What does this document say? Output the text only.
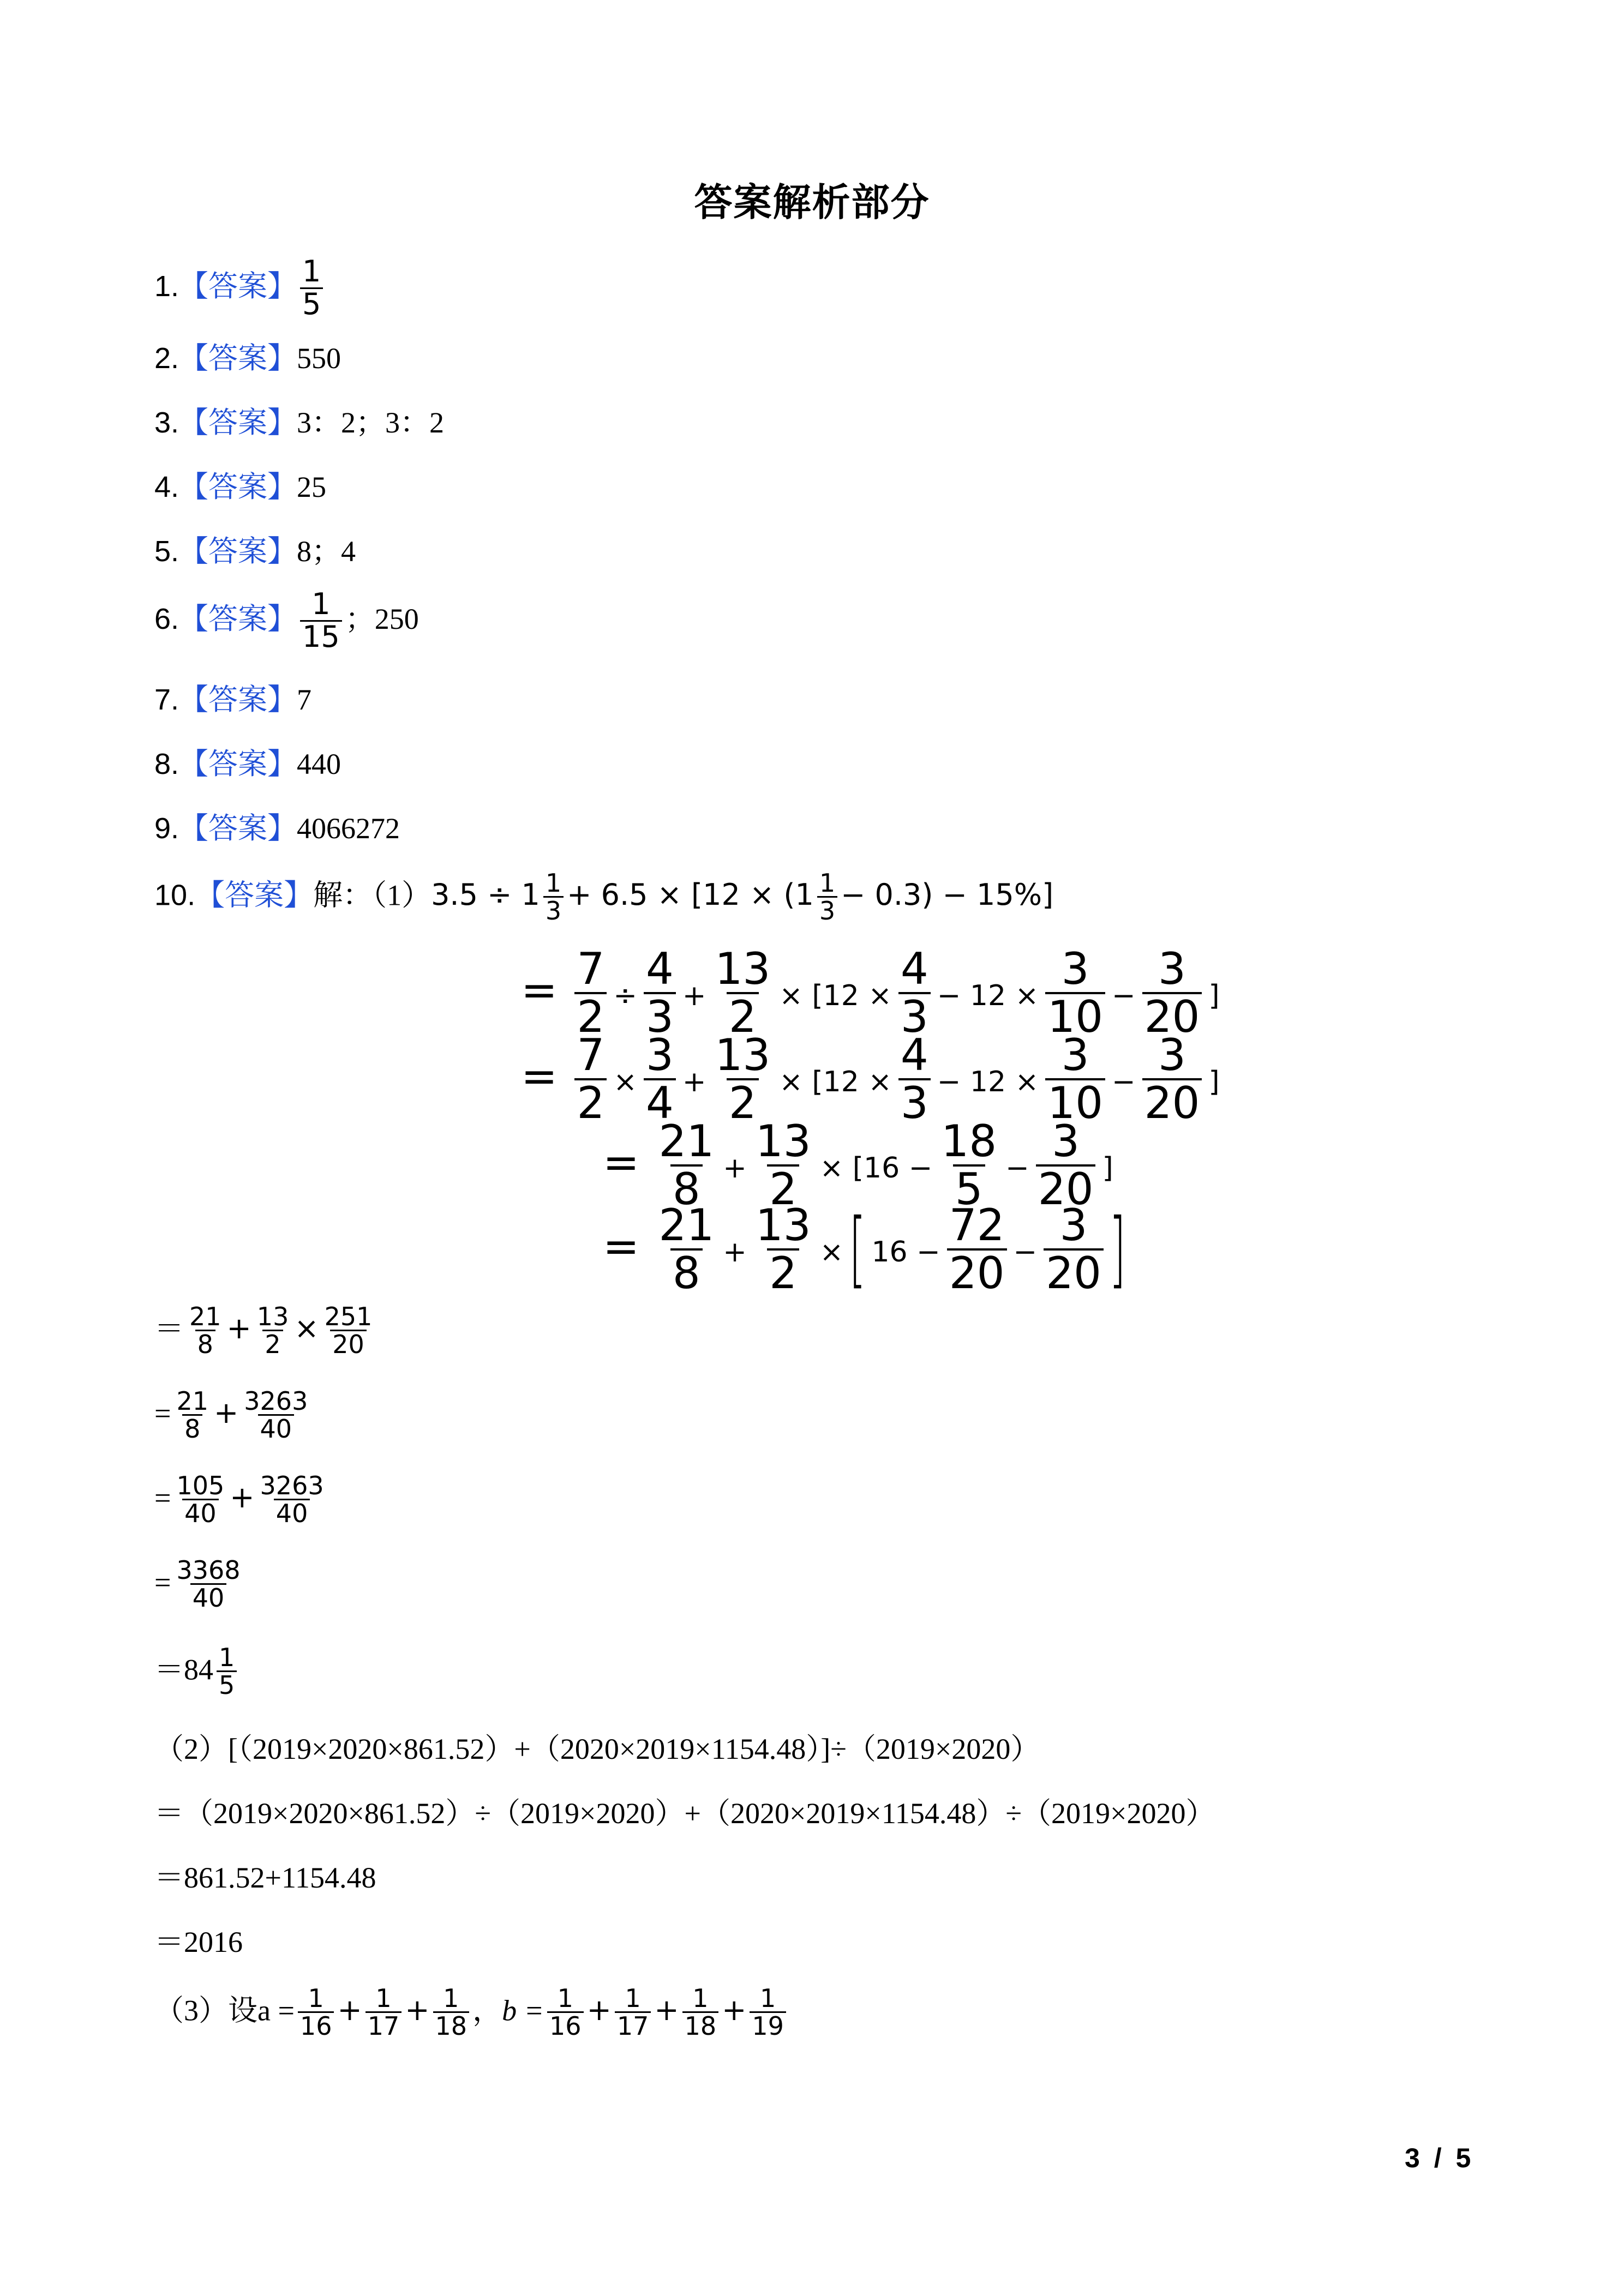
答案解析部分
1.【答案】 $\frac{1}{5}$
2.【答案】550
3.【答案】3：2；3：2
4.【答案】25
5.【答案】8；4
6.【答案】 $\frac{1}{15}$ ；250
7.【答案】7
8.【答案】440
9.【答案】4066272
10.【答案】解：$(1)3.5 \div 1 \frac{1}{3} + 6.5 \times [12 \times (1 \frac{1}{3} - 0.3) - 15\%]$
= $\frac{7}{2} \div \frac{4}{3} + \frac{13}{2} \times [12 \times \frac{4}{3} - 12 \times \frac{3}{10} - \frac{3}{20}$ ]
= $\frac{7}{2} \times \frac{3}{4} + \frac{13}{2} \times [12 \times \frac{4}{3} - 12 \times \frac{3}{10} - \frac{3}{20}$ ]
= $\frac{21}{8} + \frac{13}{2} \times [16 - \frac{18}{5} - \frac{3}{20}$ ]
= $\frac{21}{8} + \frac{13}{2}$ × [ $16 - \frac{72}{20} - \frac{3}{20}$ ]
＝ $\frac{21}{8} + \frac{13}{2} \times \frac{251}{20}$
= $\frac{21}{8} + \frac{3263}{40}$
= $\frac{105}{40} + \frac{3263}{40}$
= $\frac{3368}{40}$
$=84 \frac{1}{5}$
（2）[（2019×2020×861.52）+（2020×2019×1154.48）]÷（2019×2020）
＝（2019×2020×861.52）÷（2019×2020）+（2020×2019×1154.48）÷（2019×2020）
＝861.52+1154.48
＝2016
（3）设$a = \frac{1}{16} + \frac{1}{17} + \frac{1}{18}$ ，$b = \frac{1}{16} + \frac{1}{17} + \frac{1}{18} + \frac{1}{19}$
3 / 5
